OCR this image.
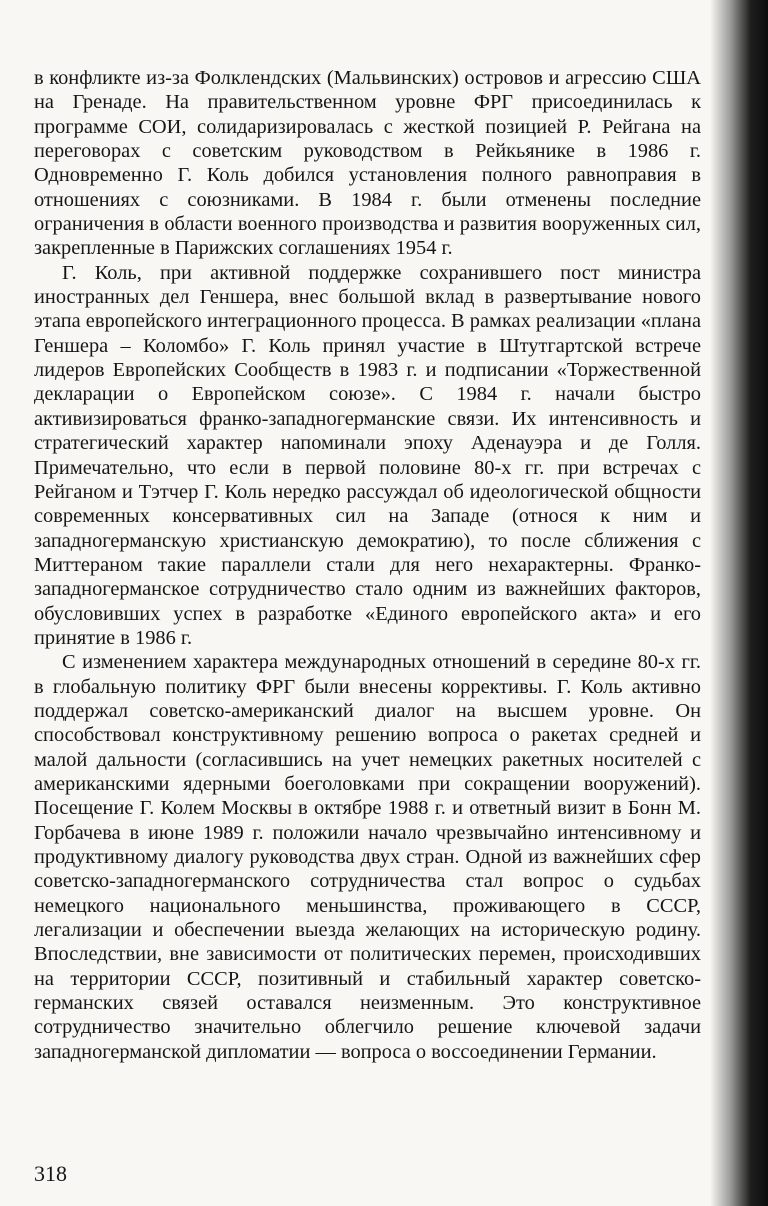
в конфликте из-за Фолклендских (Мальвинских) островов и агрессию США на Гренаде. На правительственном уровне ФРГ присоединилась к программе СОИ, солидаризировалась с жесткой позицией Р. Рейгана на переговорах с советским руководством в Рейкьянике в 1986 г. Одновременно Г. Коль добился установления полного равноправия в отношениях с союзниками. В 1984 г. были отменены последние ограничения в области военного производства и развития вооруженных сил, закрепленные в Парижских соглашениях 1954 г.

Г. Коль, при активной поддержке сохранившего пост министра иностранных дел Геншера, внес большой вклад в развертывание нового этапа европейского интеграционного процесса. В рамках реализации «плана Геншера – Коломбо» Г. Коль принял участие в Штутгартской встрече лидеров Европейских Сообществ в 1983 г. и подписании «Торжественной декларации о Европейском союзе». С 1984 г. начали быстро активизироваться франко-западногерманские связи. Их интенсивность и стратегический характер напоминали эпоху Аденауэра и де Голля. Примечательно, что если в первой половине 80-х гг. при встречах с Рейганом и Тэтчер Г. Коль нередко рассуждал об идеологической общности современных консервативных сил на Западе (относя к ним и западногерманскую христианскую демократию), то после сближения с Миттераном такие параллели стали для него нехарактерны. Франко-западногерманское сотрудничество стало одним из важнейших факторов, обусловивших успех в разработке «Единого европейского акта» и его принятие в 1986 г.

С изменением характера международных отношений в середине 80-х гг. в глобальную политику ФРГ были внесены коррективы. Г. Коль активно поддержал советско-американский диалог на высшем уровне. Он способствовал конструктивному решению вопроса о ракетах средней и малой дальности (согласившись на учет немецких ракетных носителей с американскими ядерными боеголовками при сокращении вооружений). Посещение Г. Колем Москвы в октябре 1988 г. и ответный визит в Бонн М. Горбачева в июне 1989 г. положили начало чрезвычайно интенсивному и продуктивному диалогу руководства двух стран. Одной из важнейших сфер советско-западногерманского сотрудничества стал вопрос о судьбах немецкого национального меньшинства, проживающего в СССР, легализации и обеспечении выезда желающих на историческую родину. Впоследствии, вне зависимости от политических перемен, происходивших на территории СССР, позитивный и стабильный характер советско-германских связей оставался неизменным. Это конструктивное сотрудничество значительно облегчило решение ключевой задачи западногерманской дипломатии — вопроса о воссоединении Германии.

318
